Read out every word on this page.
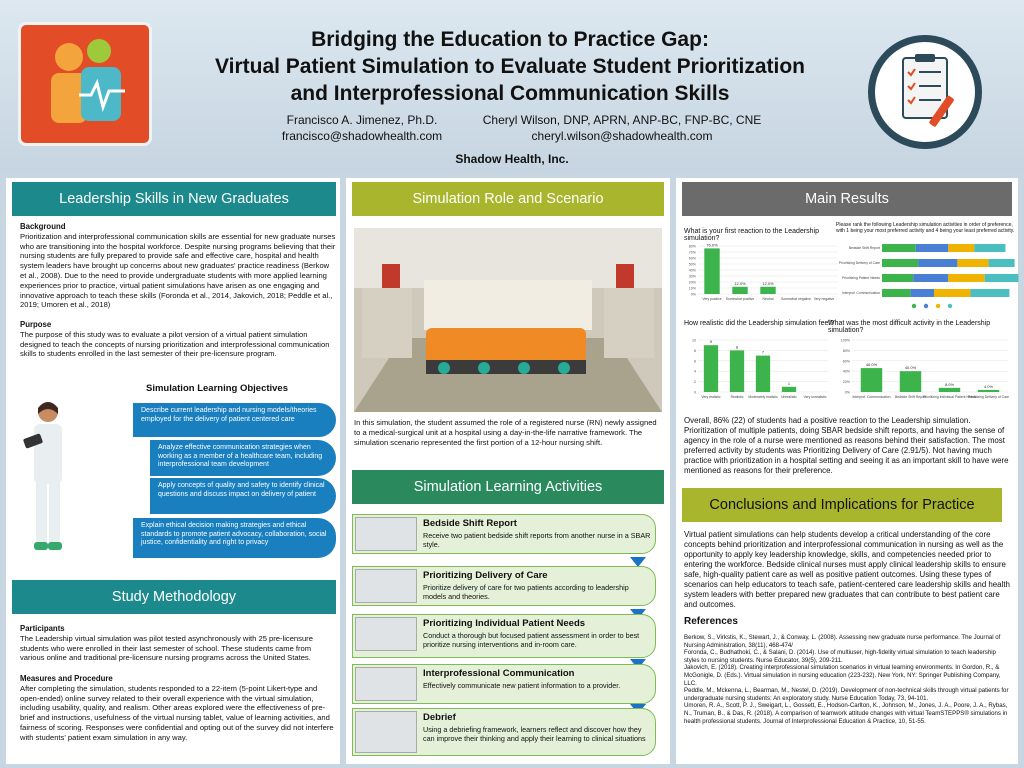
Bridging the Education to Practice Gap:
Virtual Patient Simulation to Evaluate Student Prioritization
and Interprofessional Communication Skills
Francisco A. Jimenez, Ph.D.
francisco@shadowhealth.com
Cheryl Wilson, DNP, APRN, ANP-BC, FNP-BC, CNE
cheryl.wilson@shadowhealth.com
Shadow Health, Inc.
Leadership Skills in New Graduates
Background
Prioritization and interprofessional communication skills are essential for new graduate nurses who are transitioning into the hospital workforce. Despite nursing programs believing that their nursing students are fully prepared to provide safe and effective care, hospital and health system leaders have brought up concerns about new graduates' practice readiness (Berkow et al., 2008). Due to the need to provide undergraduate students with more applied learning experiences prior to practice, virtual patient simulations have arisen as one engaging and innovative approach to teach these skills (Foronda et al., 2014, Jakovich, 2018; Peddle et al., 2019; Umoren et al., 2018)
Purpose
The purpose of this study was to evaluate a pilot version of a virtual patient simulation designed to teach the concepts of nursing prioritization and interprofessional communication skills to students enrolled in the last semester of their pre-licensure program.
Simulation Learning Objectives
Describe current leadership and nursing models/theories employed for the delivery of patient centered care
Analyze effective communication strategies when working as a member of a healthcare team, including interprofessional team development
Apply concepts of quality and safety to identify clinical questions and discuss impact on delivery of patient
Explain ethical decision making strategies and ethical standards to promote patient advocacy, collaboration, social justice, confidentiality and right to privacy
Study Methodology
Participants
The Leadership virtual simulation was pilot tested asynchronously with 25 pre-licensure students who were enrolled in their last semester of school. These students came from various online and traditional pre-licensure nursing programs across the United States.
Measures and Procedure
After completing the simulation, students responded to a 22-item (5-point Likert-type and open-ended) online survey related to their overall experience with the virtual simulation, including usability, quality, and realism. Other areas explored were the effectiveness of pre-brief and instructions, usefulness of the virtual nursing tablet, value of learning activities, and fairness of scoring. Responses were confidential and opting out of the survey did not interfere with students' patient exam simulation in any way.
Simulation Role and Scenario
In this simulation, the student assumed the role of a registered nurse (RN) newly assigned to a medical-surgical unit at a hospital using a day-in-the-life narrative framework. The simulation scenario represented the first portion of a 12-hour nursing shift.
Simulation Learning Activities
Bedside Shift Report
Receive two patient bedside shift reports from another nurse in a SBAR style.
Prioritizing Delivery of Care
Prioritize delivery of care for two patients according to leadership models and theories.
Prioritizing Individual Patient Needs
Conduct a thorough but focused patient assessment in order to best prioritize nursing interventions and in-room care.
Interprofessional Communication
Effectively communicate new patient information to a provider.
Debrief
Using a debriefing framework, learners reflect and discover how they can improve their thinking and apply their learning to clinical situations
Main Results
What is your first reaction to the Leadership simulation?
0%
10%
20%
30%
40%
50%
60%
70%
80%	76.0%
Very positive
12.0%
Somewhat positive
12.0%
Neutral Somewhat negative Very negative
Please rank the following Leadership simulation activities in order of preference, with 1 being your most preferred activity and 4 being your least preferred activity.
Bedside Shift Report
Prioritizing Delivery of Care
Prioritizing Patient Needs
Interprof. Communication
How realistic did the Leadership simulation feel?
What was the most difficult activity in the Leadership simulation?
0
2
4
6
8
10	9
Very realistic
8
Realistic
7
Moderately realistic
1
Unrealistic Very unrealistic
0%
20%
40%
60%
80%
100%
46.0%
Interprof. Communication
40.0%
Bedside Shift Report
8.0%
Prioritizing Individual Patient Needs
4.0%
Prioritizing Delivery of Care
Overall, 86% (22) of students had a positive reaction to the Leadership simulation. Prioritization of multiple patients, doing SBAR bedside shift reports, and having the sense of agency in the role of a nurse were mentioned as reasons behind their satisfaction. The most preferred activity by students was Prioritizing Delivery of Care (2.91/5). Not having much practice with prioritization in a hospital setting and seeing it as an important skill to have were mentioned as reasons for their preference.
Conclusions and Implications for Practice
Virtual patient simulations can help students develop a critical understanding of the core concepts behind prioritization and interprofessional communication in nursing as well as the opportunity to apply key leadership knowledge, skills, and competencies needed prior to entering the workforce. Bedside clinical nurses must apply clinical leadership skills to ensure safe, high-quality patient care as well as positive patient outcomes. Using these types of scenarios can help educators to teach safe, patient-centered care leadership skills and health system leaders with better prepared new graduates that can contribute to best patient care and outcomes.
References
Berkow, S., Virkstis, K., Stewart, J., & Conway, L. (2008). Assessing new graduate nurse performance. The Journal of Nursing Administration, 38(11), 468-474/
Foronda, C., Budhathoki, C., & Salani, D. (2014). Use of multiuser, high-fidelity virtual simulation to teach leadership styles to nursing students. Nurse Educator, 39(5), 209-211.
Jakovich, E. (2018). Creating interprofessional simulation scenarios in virtual learning environments. In Gordon, R., & McGonigle, D. (Eds.). Virtual simulation in nursing education (223-232). New York, NY: Springer Publishing Company, LLC.
Peddle, M., Mckenna, L., Bearman, M., Nestel, D. (2019). Development of non-technical skills through virtual patients for undergraduate nursing students: An exploratory study. Nurse Education Today, 73, 94-101.
Umoren, R. A., Scott, P. J., Sweigart, L., Gossett, E., Hodson-Carlton, K., Johnson, M., Jones, J. A., Poore, J. A., Rybas, N., Truman, B., & Das, R. (2018). A comparison of teamwork attitude changes with virtual TeamSTEPPS® simulations in health professional students. Journal of Interprofessional Education & Practice, 10, 51-55.
